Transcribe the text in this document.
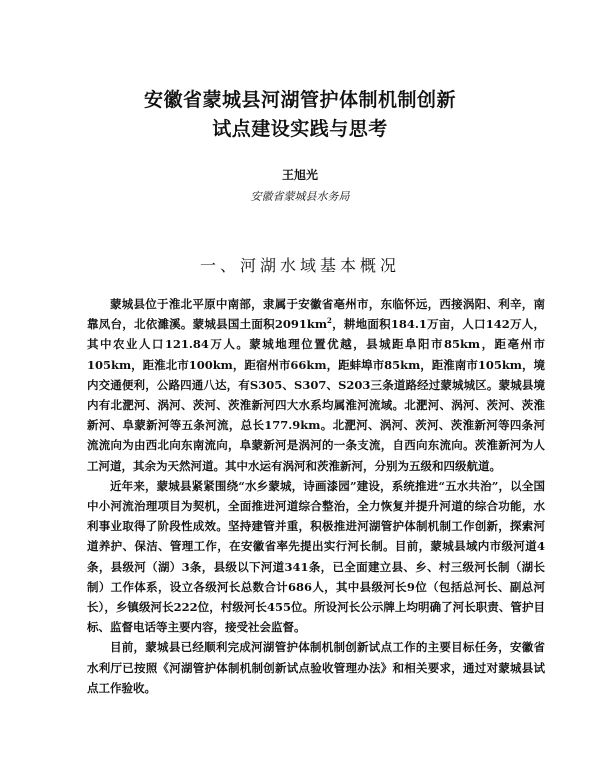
安徽省蒙城县河湖管护体制机制创新
试点建设实践与思考
王旭光
安徽省蒙城县水务局
一、河湖水域基本概况

蒙城县位于淮北平原中南部，隶属于安徽省亳州市，东临怀远，西接涡阳、利辛，南靠凤台，北依濉溪。蒙城县国土面积$2091km^2$，耕地面积184.1万亩，人口142万人，其中农业人口121.84万人。蒙城地理位置优越，县城距阜阳市85km，距亳州市105km，距淮北市100km，距宿州市66km，距蚌埠市85km，距淮南市105km，境内交通便利，公路四通八达，有S305、S307、S203三条道路经过蒙城城区。蒙城县境内有北淝河、涡河、茨河、茨淮新河四大水系均属淮河流域。北淝河、涡河、茨河、茨淮新河、阜蒙新河等五条河流，总长177.9km。北淝河、涡河、茨河、茨淮新河等四条河流流向为由西北向东南流向，阜蒙新河是涡河的一条支流，自西向东流向。茨淮新河为人工河道，其余为天然河道。其中水运有涡河和茨淮新河，分别为五级和四级航道。

近年来，蒙城县紧紧围绕“水乡蒙城，诗画漆园”建设，系统推进“五水共治”，以全国中小河流治理项目为契机，全面推进河道综合整治，全力恢复并提升河道的综合功能，水利事业取得了阶段性成效。坚持建管并重，积极推进河湖管护体制机制工作创新，探索河道养护、保洁、管理工作，在安徽省率先提出实行河长制。目前，蒙城县域内市级河道4条，县级河（湖）3条，县级以下河道341条，已全面建立县、乡、村三级河长制（湖长制）工作体系，设立各级河长总数合计686人，其中县级河长9位（包括总河长、副总河长），乡镇级河长222位，村级河长455位。所设河长公示牌上均明确了河长职责、管护目标、监督电话等主要内容，接受社会监督。

目前，蒙城县已经顺利完成河湖管护体制机制创新试点工作的主要目标任务，安徽省水利厅已按照《河湖管护体制机制创新试点验收管理办法》和相关要求，通过对蒙城县试点工作验收。
